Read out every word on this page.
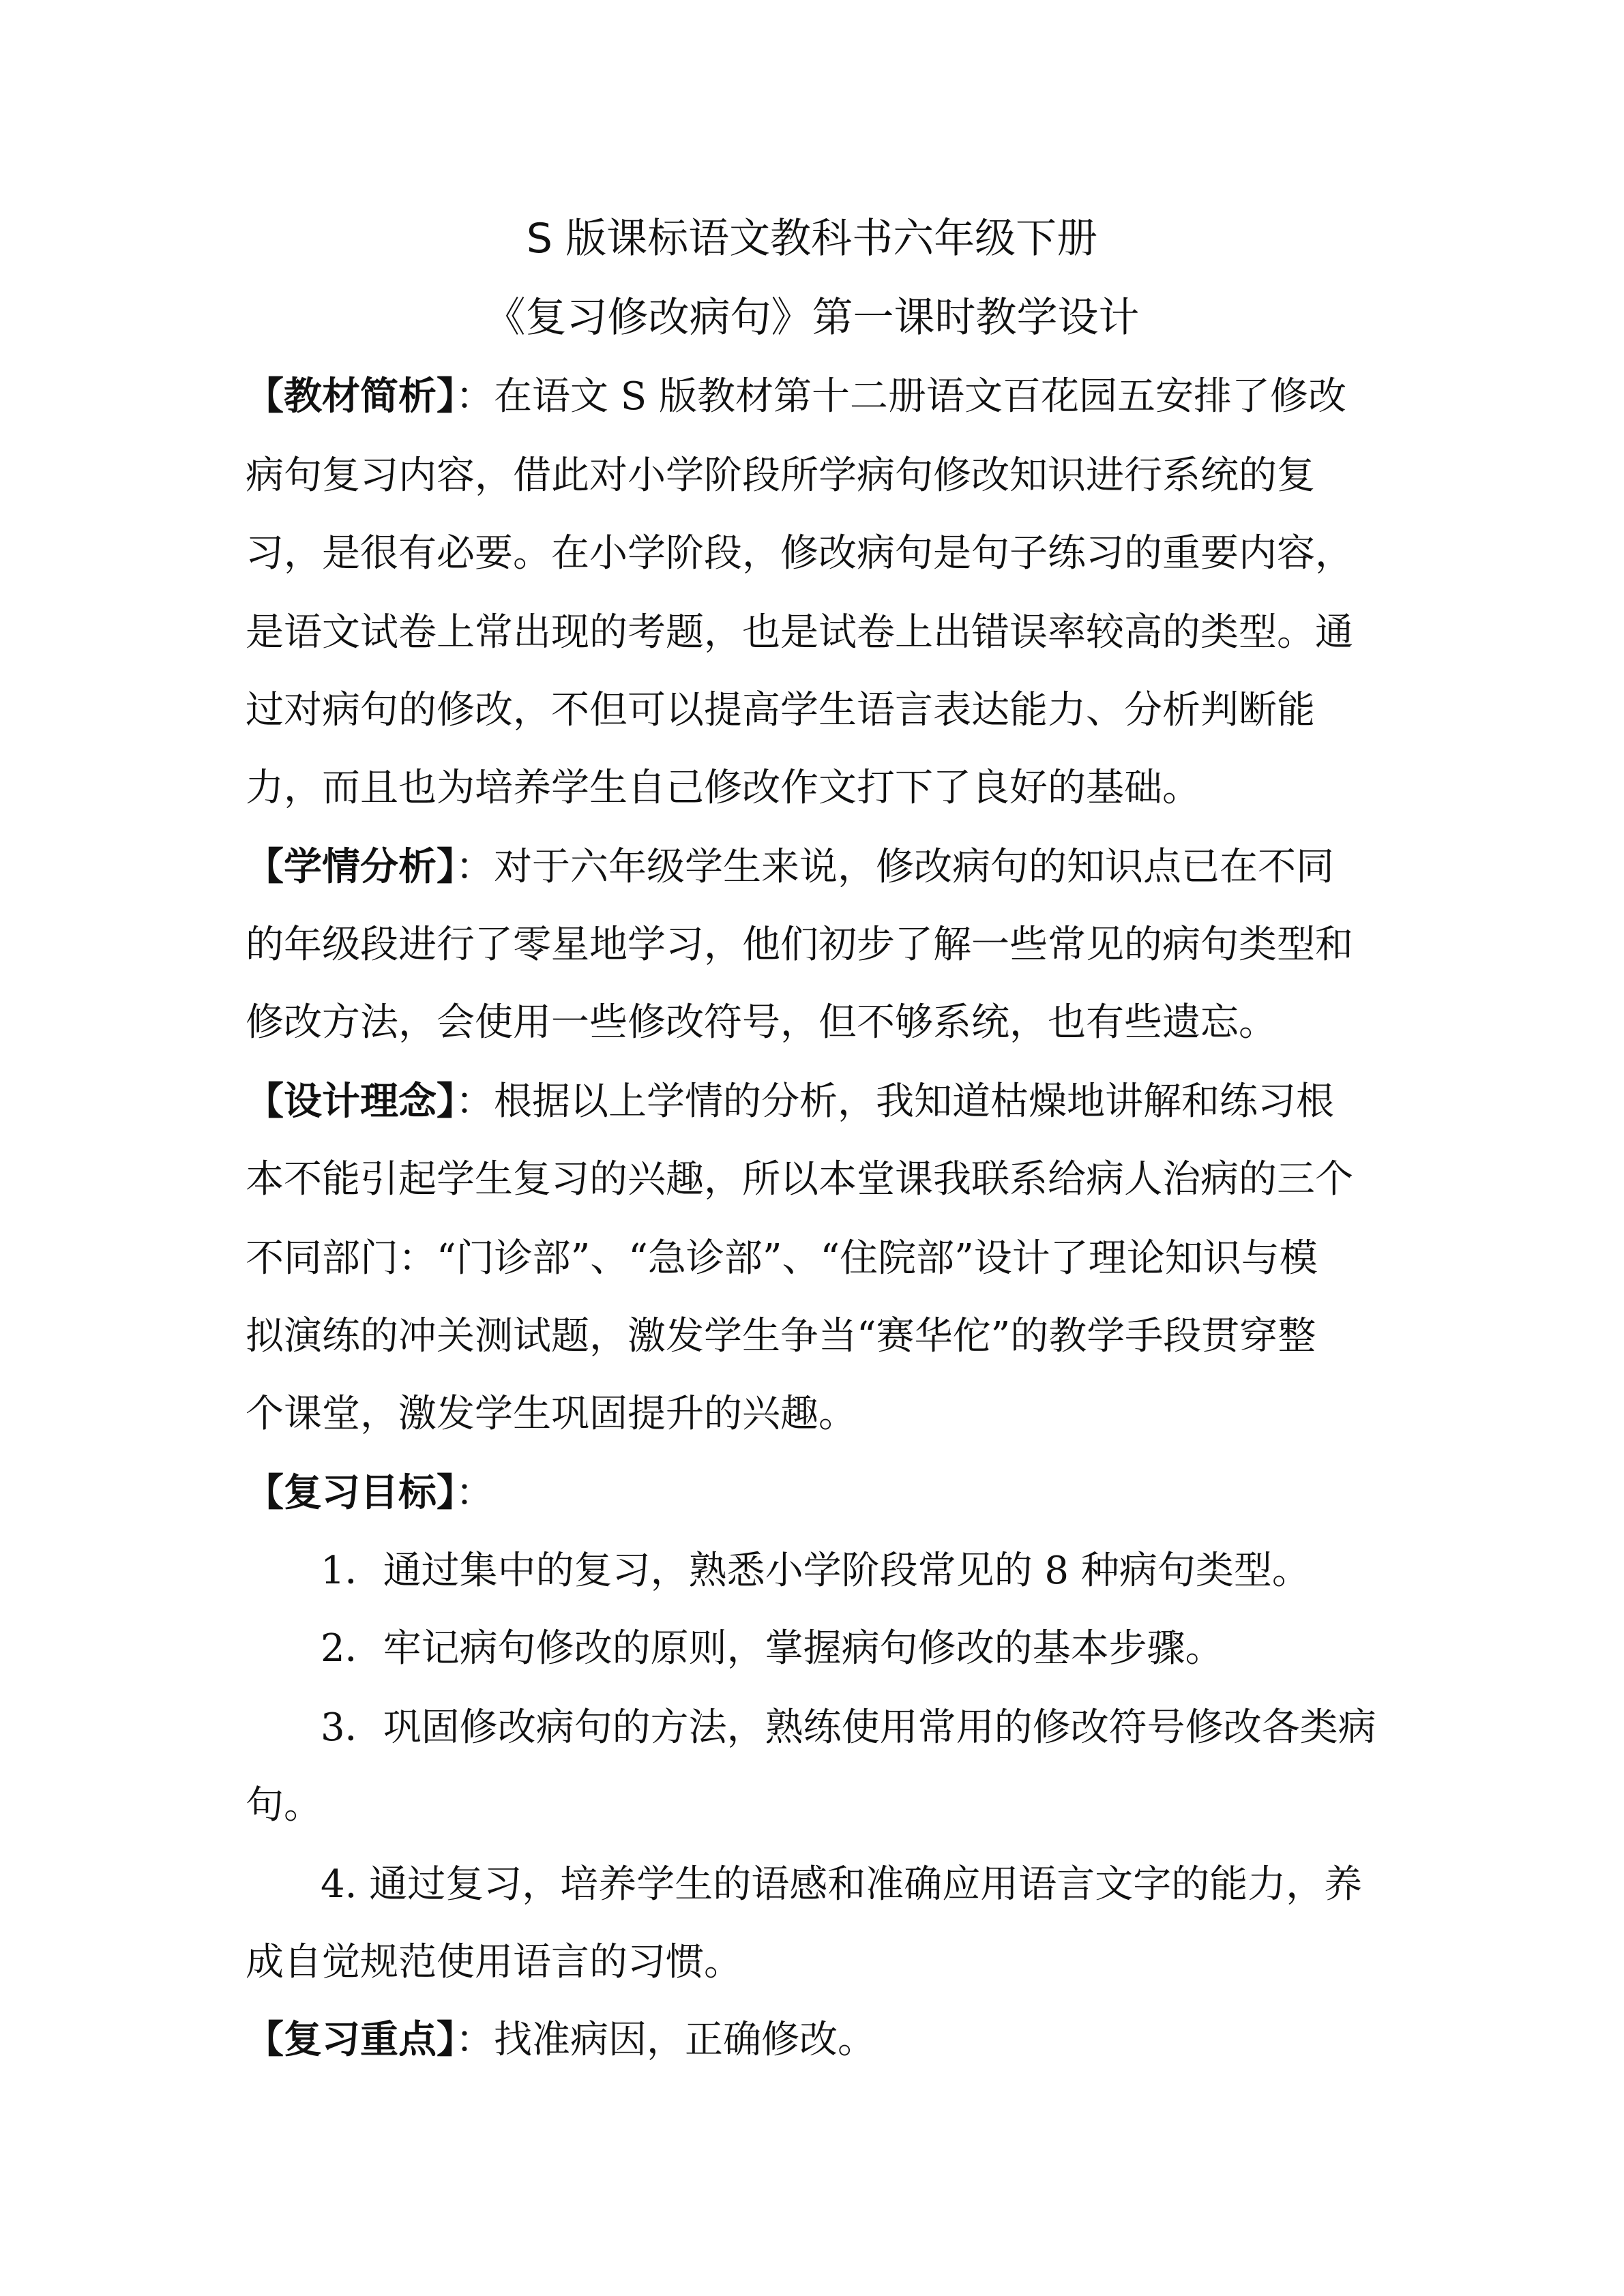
S 版课标语文教科书六年级下册
《复习修改病句》第一课时教学设计
【教材简析】：在语文 S 版教材第十二册语文百花园五安排了修改
病句复习内容，借此对小学阶段所学病句修改知识进行系统的复
习，是很有必要。在小学阶段，修改病句是句子练习的重要内容，
是语文试卷上常出现的考题，也是试卷上出错误率较高的类型。通
过对病句的修改，不但可以提高学生语言表达能力、分析判断能
力，而且也为培养学生自己修改作文打下了良好的基础。
【学情分析】：对于六年级学生来说，修改病句的知识点已在不同
的年级段进行了零星地学习，他们初步了解一些常见的病句类型和
修改方法，会使用一些修改符号，但不够系统，也有些遗忘。
【设计理念】：根据以上学情的分析，我知道枯燥地讲解和练习根
本不能引起学生复习的兴趣，所以本堂课我联系给病人治病的三个
不同部门：“门诊部”、“急诊部”、“住院部”设计了理论知识与模
拟演练的冲关测试题，激发学生争当“赛华佗”的教学手段贯穿整
个课堂，激发学生巩固提升的兴趣。
【复习目标】：
1．通过集中的复习，熟悉小学阶段常见的 8 种病句类型。
2．牢记病句修改的原则，掌握病句修改的基本步骤。
3．巩固修改病句的方法，熟练使用常用的修改符号修改各类病
句。
4. 通过复习，培养学生的语感和准确应用语言文字的能力，养
成自觉规范使用语言的习惯。
【复习重点】：找准病因，正确修改。
